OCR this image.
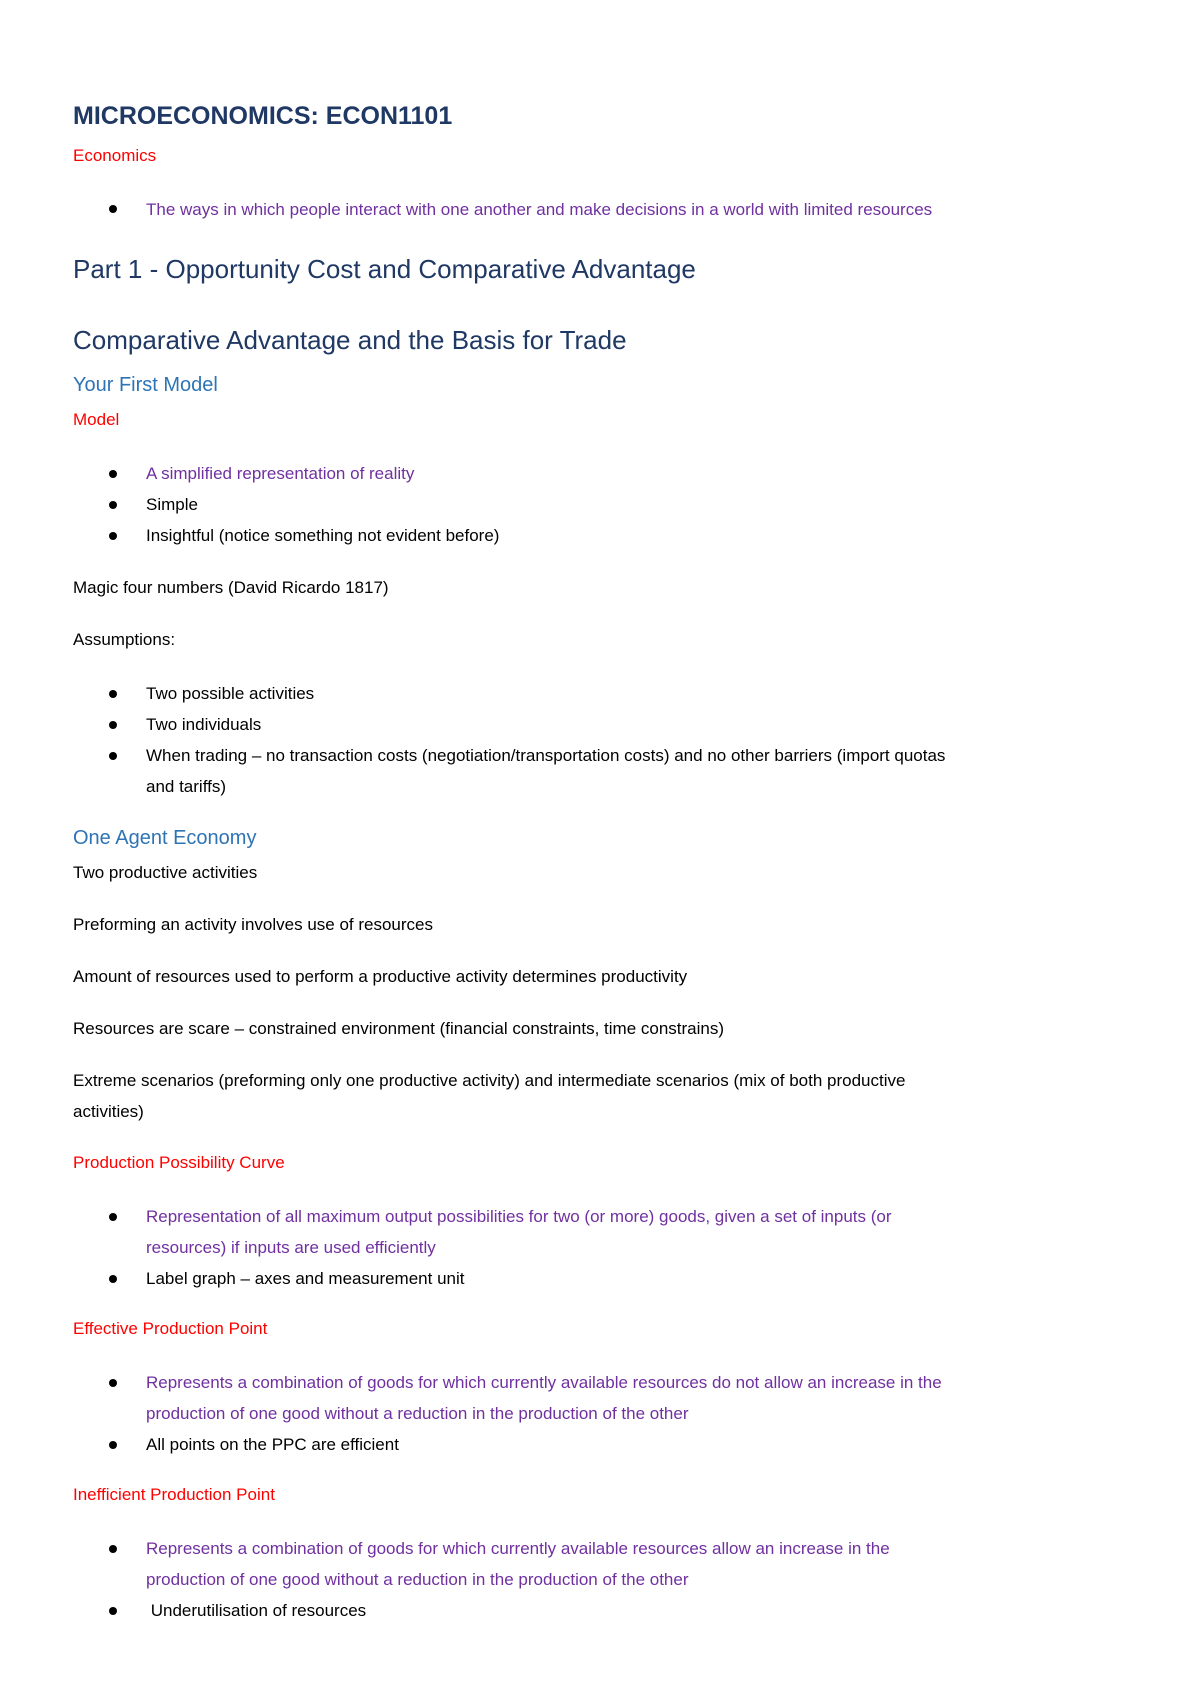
MICROECONOMICS: ECON1101
Economics
The ways in which people interact with one another and make decisions in a world with limited resources
Part 1 - Opportunity Cost and Comparative Advantage
Comparative Advantage and the Basis for Trade
Your First Model
Model
A simplified representation of reality
Simple
Insightful (notice something not evident before)
Magic four numbers (David Ricardo 1817)
Assumptions:
Two possible activities
Two individuals
When trading – no transaction costs (negotiation/transportation costs) and no other barriers (import quotas
and tariffs)
One Agent Economy
Two productive activities
Preforming an activity involves use of resources
Amount of resources used to perform a productive activity determines productivity
Resources are scare – constrained environment (financial constraints, time constrains)
Extreme scenarios (preforming only one productive activity) and intermediate scenarios (mix of both productive
activities)
Production Possibility Curve
Representation of all maximum output possibilities for two (or more) goods, given a set of inputs (or
resources) if inputs are used efficiently
Label graph – axes and measurement unit
Effective Production Point
Represents a combination of goods for which currently available resources do not allow an increase in the
production of one good without a reduction in the production of the other
All points on the PPC are efficient
Inefficient Production Point
Represents a combination of goods for which currently available resources allow an increase in the
production of one good without a reduction in the production of the other
Underutilisation of resources
